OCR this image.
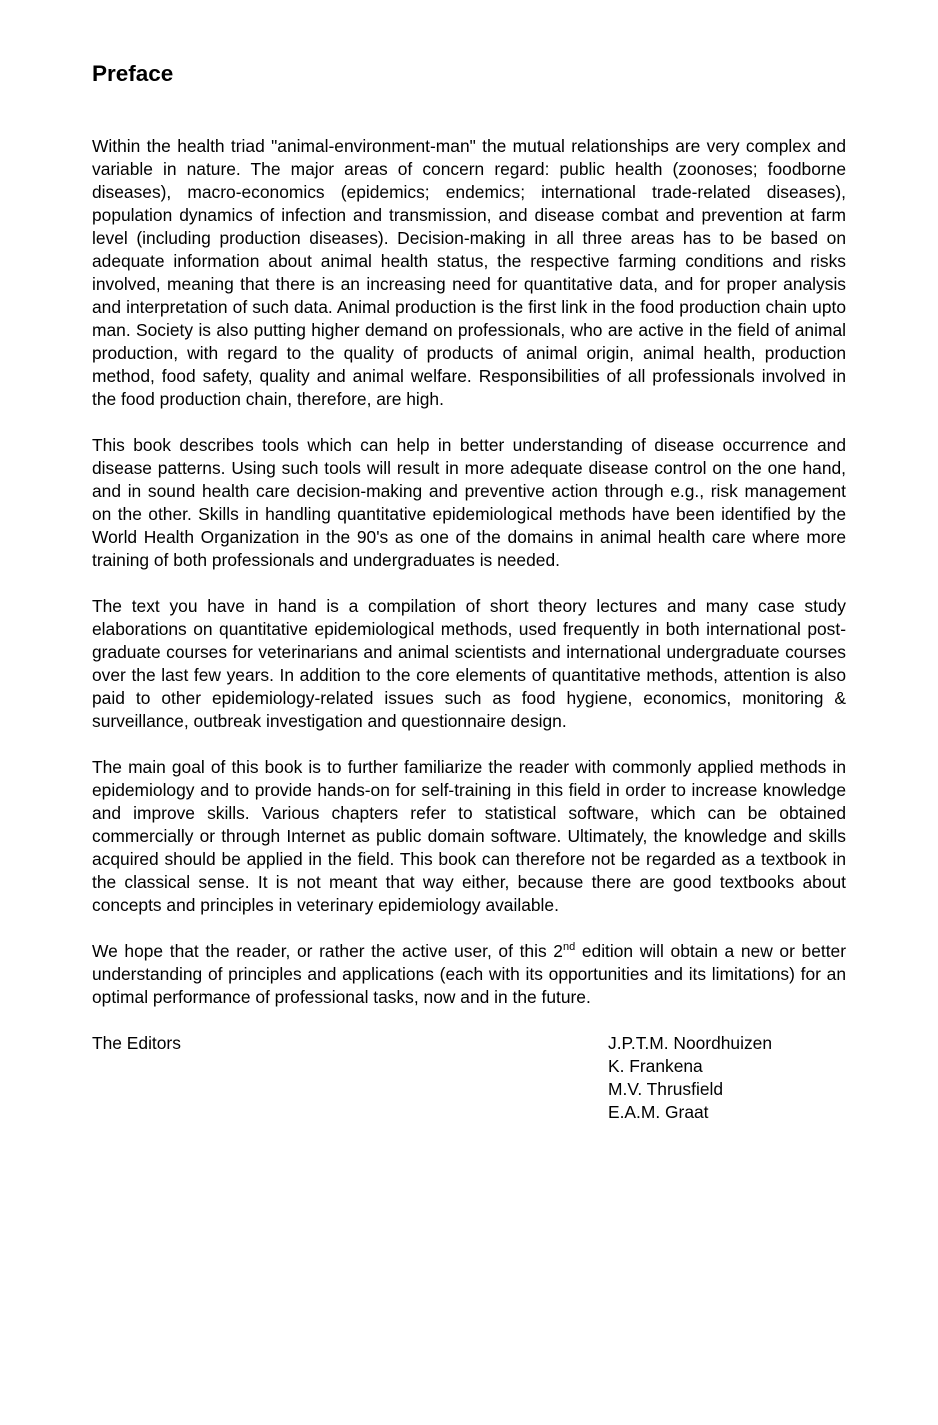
Preface

Within the health triad "animal-environment-man" the mutual relationships are very complex and variable in nature. The major areas of concern regard: public health (zoonoses; foodborne diseases), macro-economics (epidemics; endemics; international trade-related diseases), population dynamics of infection and transmission, and disease combat and prevention at farm level (including production diseases). Decision-making in all three areas has to be based on adequate information about animal health status, the respective farming conditions and risks involved, meaning that there is an increasing need for quantitative data, and for proper analysis and interpretation of such data. Animal production is the first link in the food production chain upto man. Society is also putting higher demand on professionals, who are active in the field of animal production, with regard to the quality of products of animal origin, animal health, production method, food safety, quality and animal welfare. Responsibilities of all professionals involved in the food production chain, therefore, are high.

This book describes tools which can help in better understanding of disease occurrence and disease patterns. Using such tools will result in more adequate disease control on the one hand, and in sound health care decision-making and preventive action through e.g., risk management on the other. Skills in handling quantitative epidemiological methods have been identified by the World Health Organization in the 90's as one of the domains in animal health care where more training of both professionals and undergraduates is needed.

The text you have in hand is a compilation of short theory lectures and many case study elaborations on quantitative epidemiological methods, used frequently in both international post-graduate courses for veterinarians and animal scientists and international undergraduate courses over the last few years. In addition to the core elements of quantitative methods, attention is also paid to other epidemiology-related issues such as food hygiene, economics, monitoring & surveillance, outbreak investigation and questionnaire design.

The main goal of this book is to further familiarize the reader with commonly applied methods in epidemiology and to provide hands-on for self-training in this field in order to increase knowledge and improve skills. Various chapters refer to statistical software, which can be obtained commercially or through Internet as public domain software. Ultimately, the knowledge and skills acquired should be applied in the field. This book can therefore not be regarded as a textbook in the classical sense. It is not meant that way either, because there are good textbooks about concepts and principles in veterinary epidemiology available.

We hope that the reader, or rather the active user, of this 2nd edition will obtain a new or better understanding of principles and applications (each with its opportunities and its limitations) for an optimal performance of professional tasks, now and in the future.

The Editors	J.P.T.M. Noordhuizen
K. Frankena
M.V. Thrusfield
E.A.M. Graat
